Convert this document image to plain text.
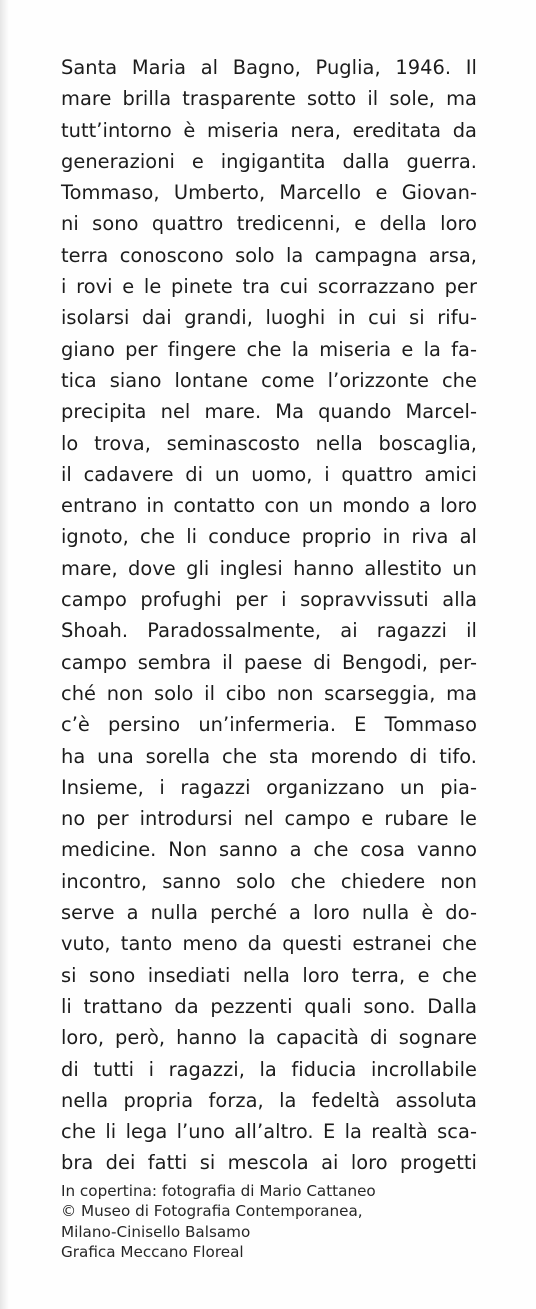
Santa Maria al Bagno, Puglia, 1946. Il
mare brilla trasparente sotto il sole, ma
tutt’intorno è miseria nera, ereditata da
generazioni e ingigantita dalla guerra.
Tommaso, Umberto, Marcello e Giovan-
ni sono quattro tredicenni, e della loro
terra conoscono solo la campagna arsa,
i rovi e le pinete tra cui scorrazzano per
isolarsi dai grandi, luoghi in cui si rifu-
giano per fingere che la miseria e la fa-
tica siano lontane come l’orizzonte che
precipita nel mare. Ma quando Marcel-
lo trova, seminascosto nella boscaglia,
il cadavere di un uomo, i quattro amici
entrano in contatto con un mondo a loro
ignoto, che li conduce proprio in riva al
mare, dove gli inglesi hanno allestito un
campo profughi per i sopravvissuti alla
Shoah. Paradossalmente, ai ragazzi il
campo sembra il paese di Bengodi, per-
ché non solo il cibo non scarseggia, ma
c’è persino un’infermeria. E Tommaso
ha una sorella che sta morendo di tifo.
Insieme, i ragazzi organizzano un pia-
no per introdursi nel campo e rubare le
medicine. Non sanno a che cosa vanno
incontro, sanno solo che chiedere non
serve a nulla perché a loro nulla è do-
vuto, tanto meno da questi estranei che
si sono insediati nella loro terra, e che
li trattano da pezzenti quali sono. Dalla
loro, però, hanno la capacità di sognare
di tutti i ragazzi, la fiducia incrollabile
nella propria forza, la fedeltà assoluta
che li lega l’uno all’altro. E la realtà sca-
bra dei fatti si mescola ai loro progetti
In copertina: fotografia di Mario Cattaneo
© Museo di Fotografia Contemporanea,
Milano-Cinisello Balsamo
Grafica Meccano Floreal
